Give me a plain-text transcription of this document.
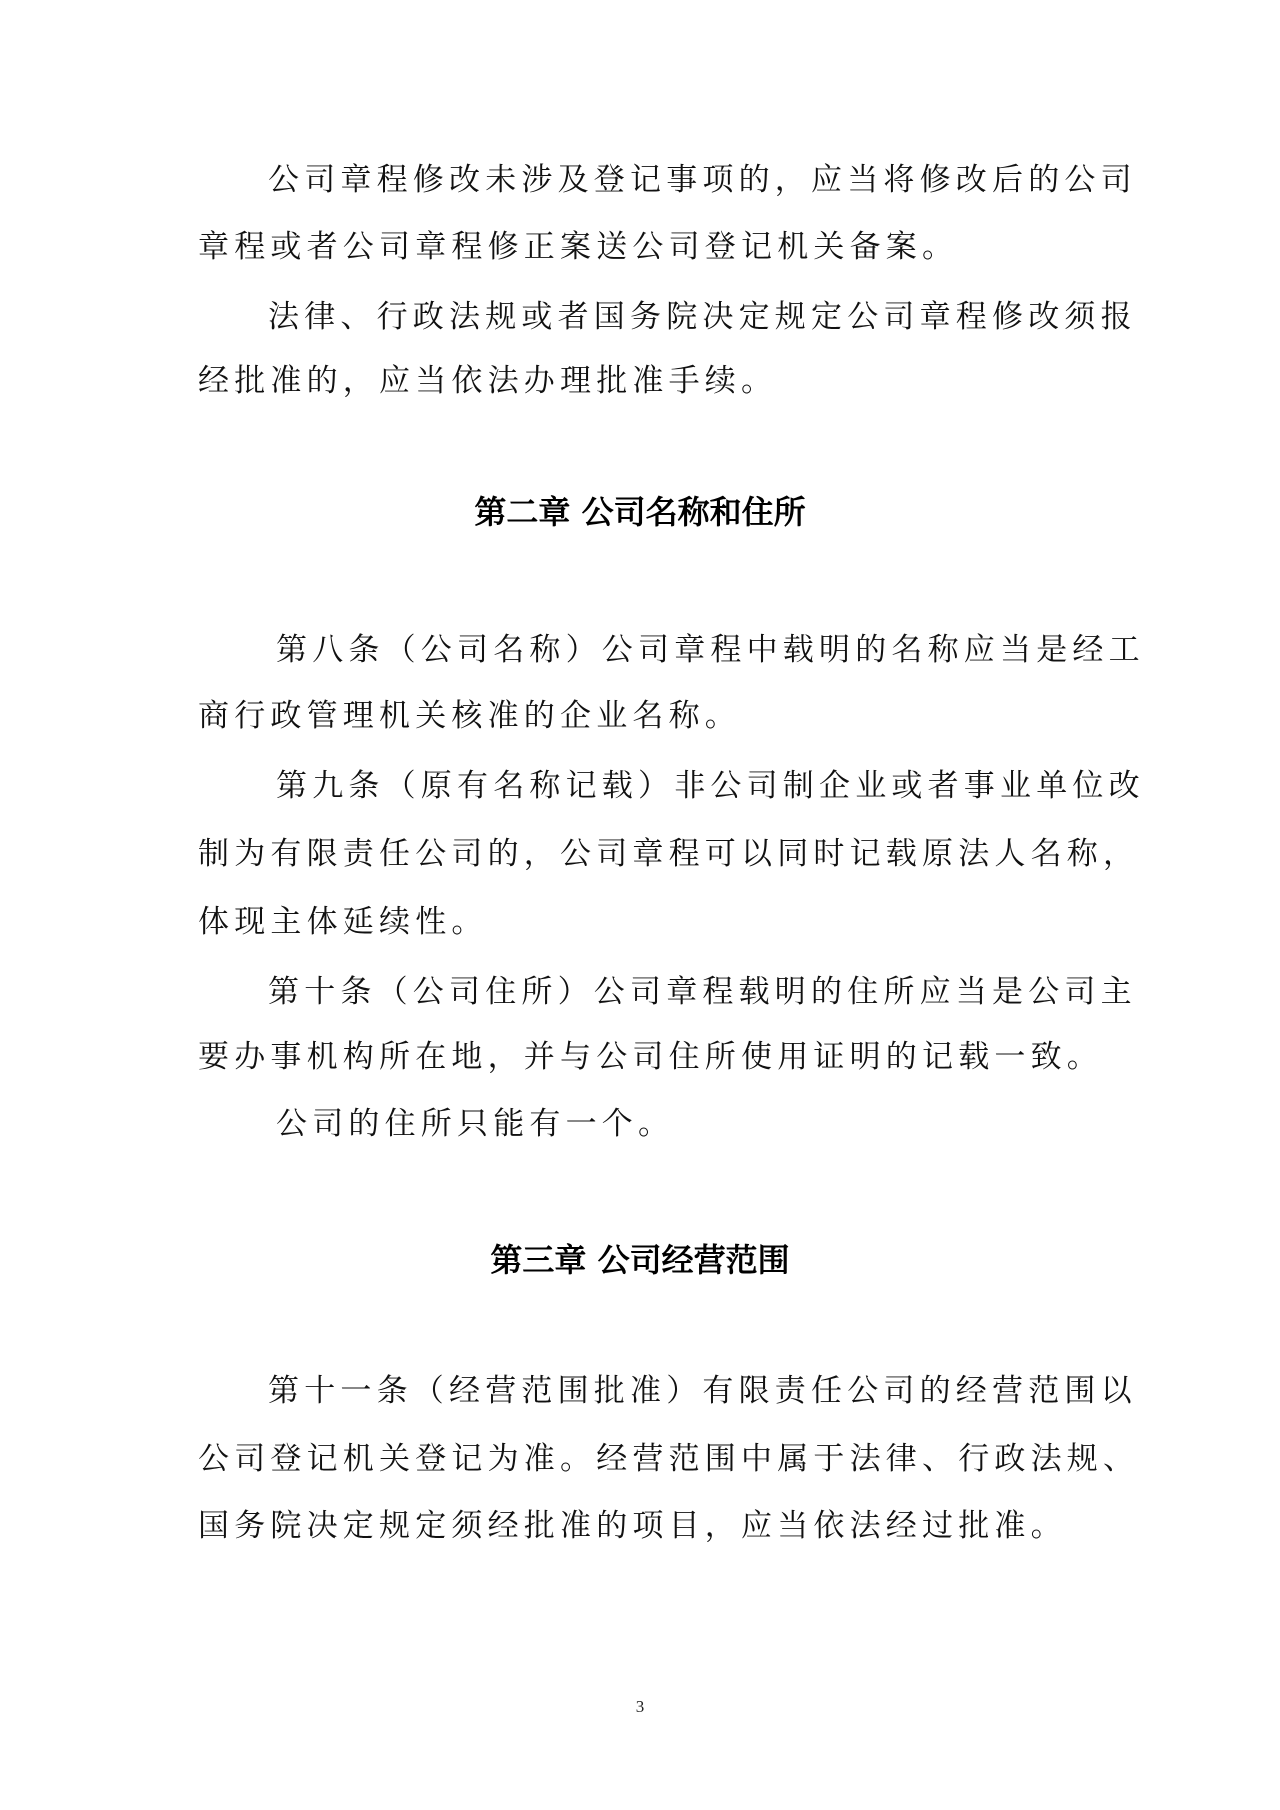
公司章程修改未涉及登记事项的，应当将修改后的公司
章程或者公司章程修正案送公司登记机关备案。
法律、行政法规或者国务院决定规定公司章程修改须报
经批准的，应当依法办理批准手续。
第二章 公司名称和住所
第八条（公司名称）公司章程中载明的名称应当是经工
商行政管理机关核准的企业名称。
第九条（原有名称记载）非公司制企业或者事业单位改
制为有限责任公司的，公司章程可以同时记载原法人名称，
体现主体延续性。
第十条（公司住所）公司章程载明的住所应当是公司主
要办事机构所在地，并与公司住所使用证明的记载一致。
公司的住所只能有一个。
第三章 公司经营范围
第十一条（经营范围批准）有限责任公司的经营范围以
公司登记机关登记为准。经营范围中属于法律、行政法规、
国务院决定规定须经批准的项目，应当依法经过批准。
3
